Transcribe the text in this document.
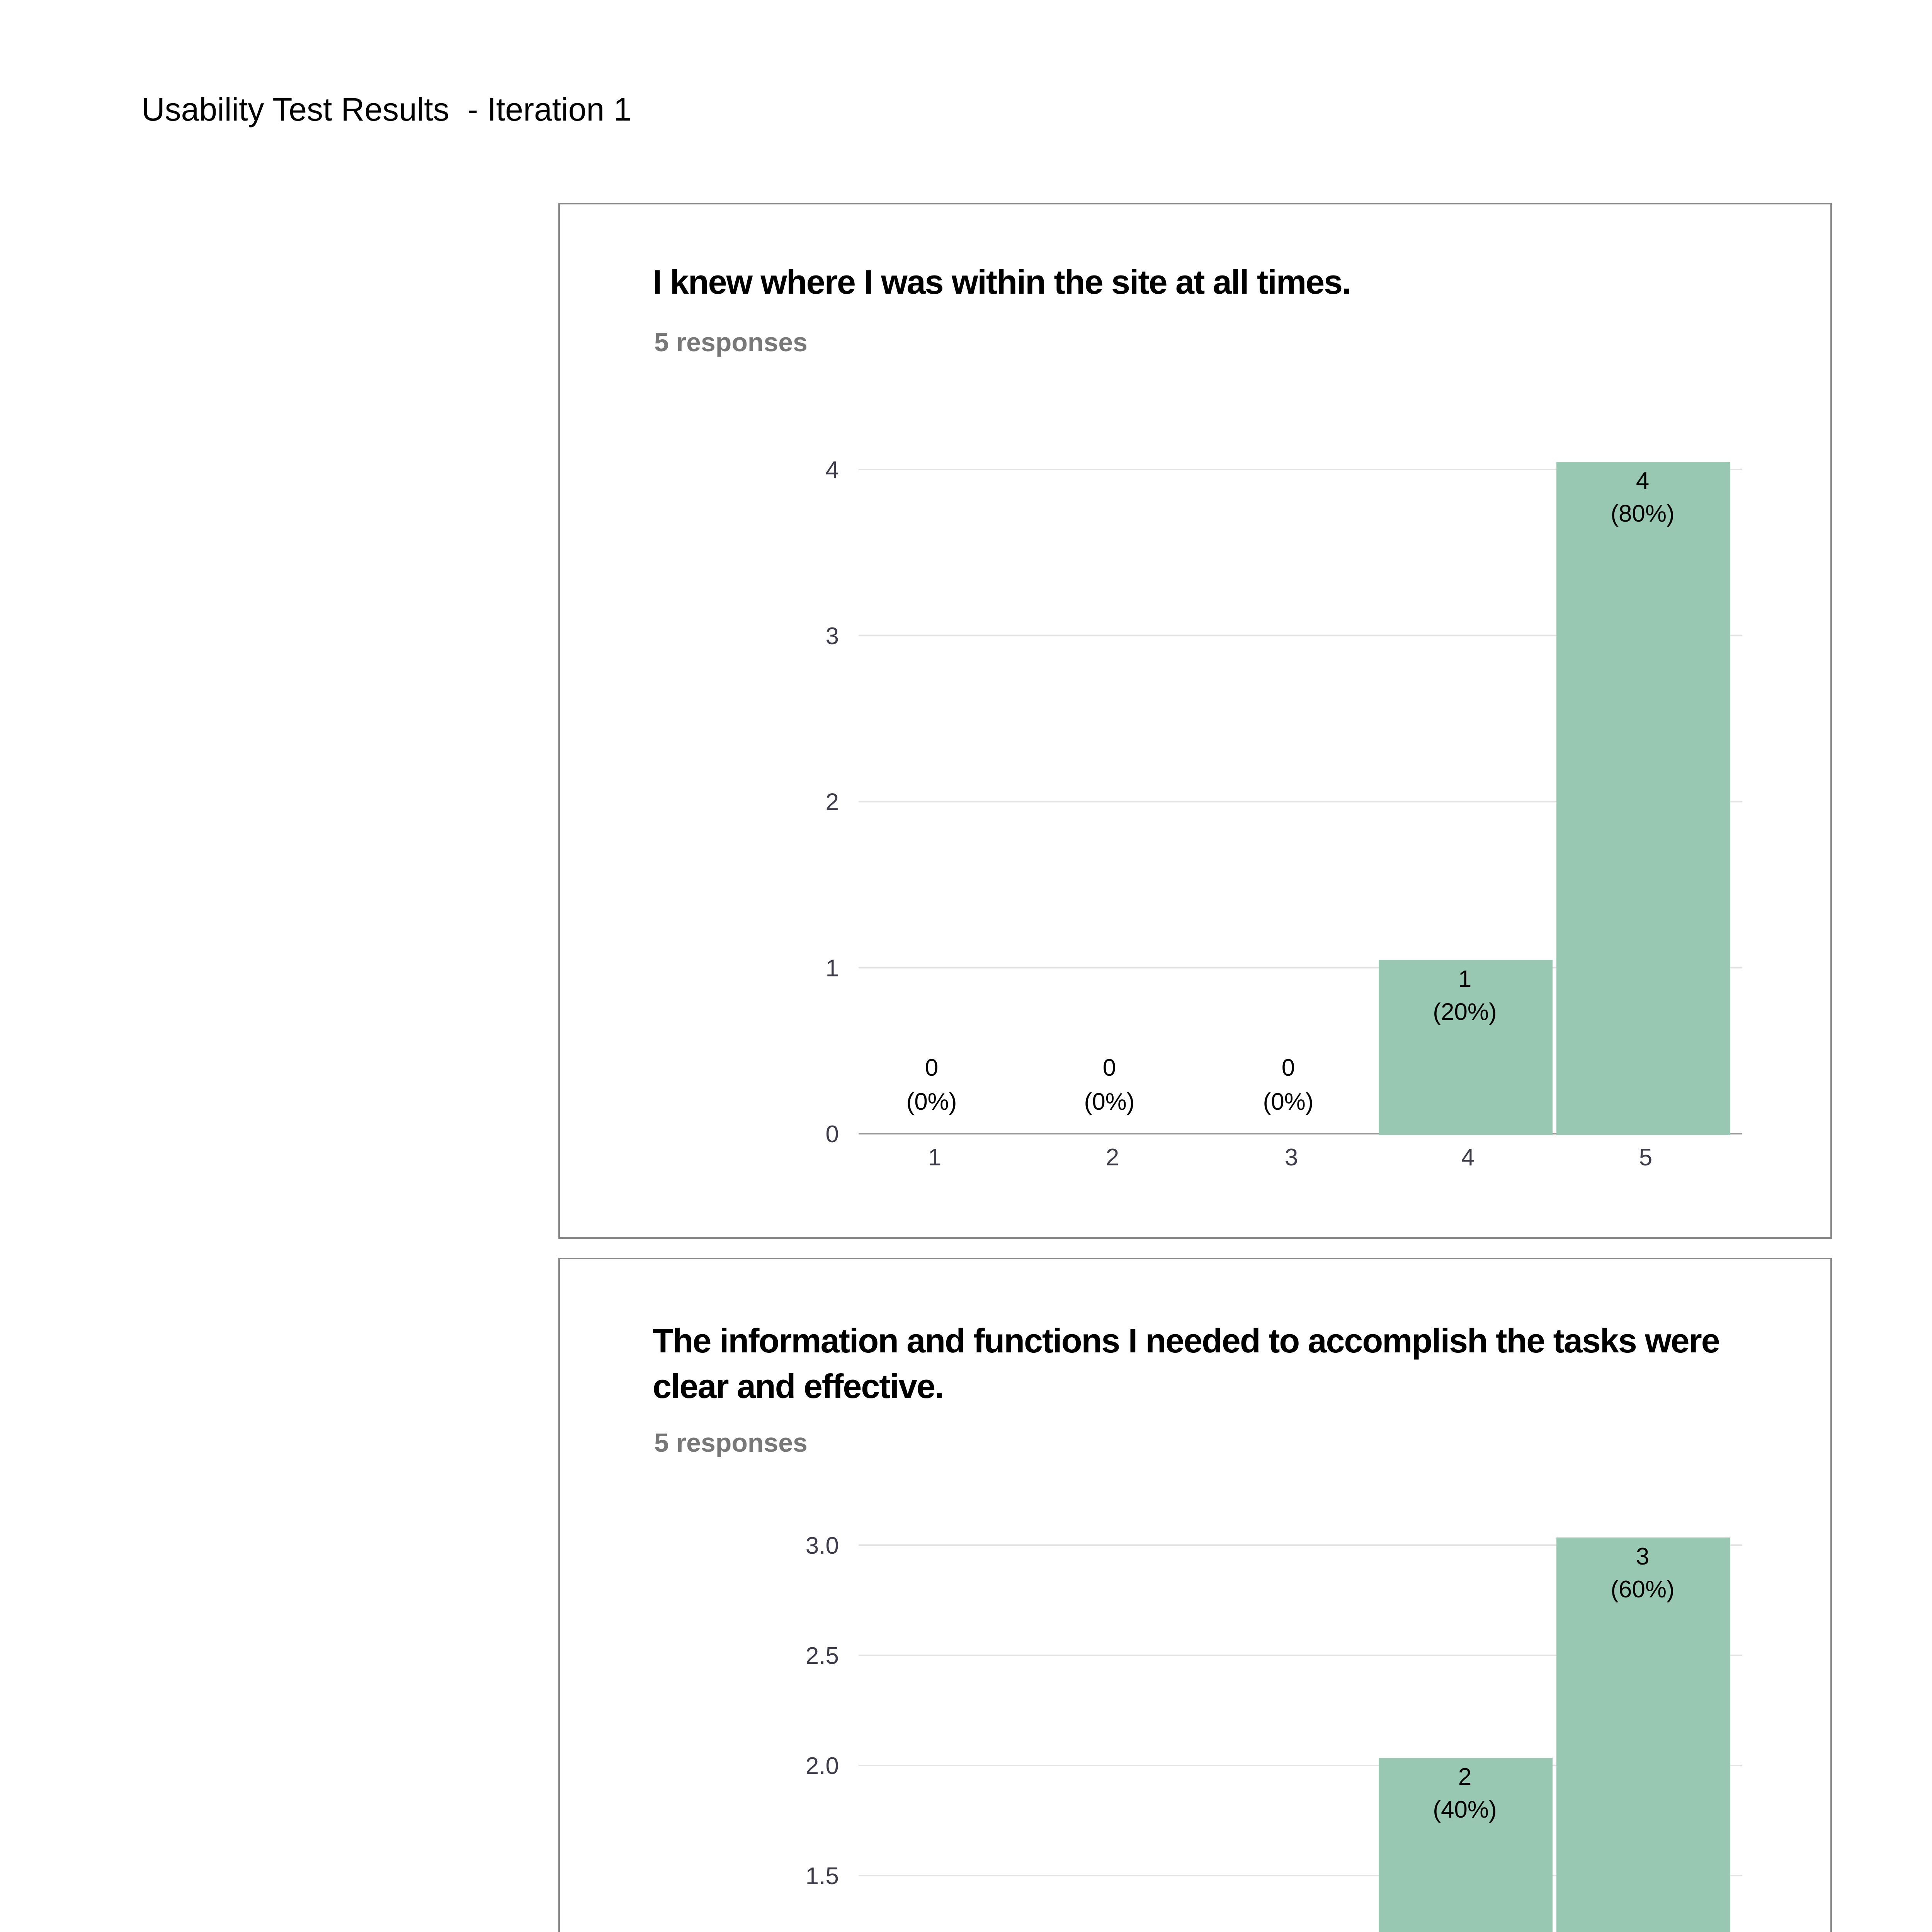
Usability Test Results  - Iteration 1
I knew where I was within the site at all times.
5 responses
0
1
2
3
4
0
(0%)
1
0
(0%)
2
0
(0%)
3
1
(20%)
4
4
(80%)
5
The information and functions I needed to accomplish the tasks were clear and effective.
5 responses
1.5
2.0
2.5
3.0
2
(40%)
3
(60%)
